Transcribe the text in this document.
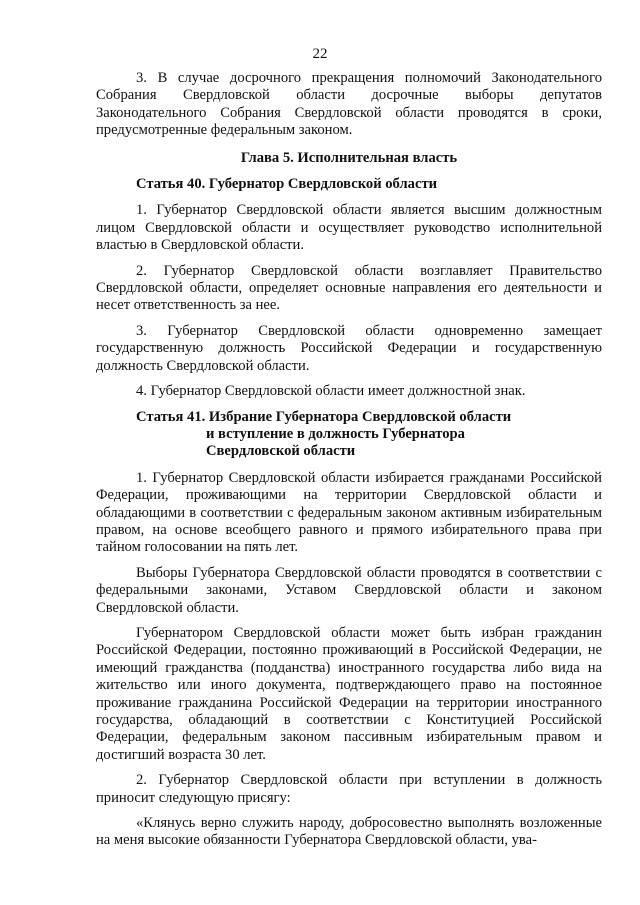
22

3. В случае досрочного прекращения полномочий Законодательного Собрания Свердловской области досрочные выборы депутатов Законодательного Собрания Свердловской области проводятся в сроки, предусмотренные федеральным законом.

Глава 5. Исполнительная власть

Статья 40. Губернатор Свердловской области

1. Губернатор Свердловской области является высшим должностным лицом Свердловской области и осуществляет руководство исполнительной властью в Свердловской области.

2. Губернатор Свердловской области возглавляет Правительство Свердловской области, определяет основные направления его деятельности и несет ответственность за нее.

3. Губернатор Свердловской области одновременно замещает государственную должность Российской Федерации и государственную должность Свердловской области.

4. Губернатор Свердловской области имеет должностной знак.

Статья 41. Избрание Губернатора Свердловской области
и вступление в должность Губернатора
Свердловской области

1. Губернатор Свердловской области избирается гражданами Российской Федерации, проживающими на территории Свердловской области и обладающими в соответствии с федеральным законом активным избирательным правом, на основе всеобщего равного и прямого избирательного права при тайном голосовании на пять лет.

Выборы Губернатора Свердловской области проводятся в соответствии с федеральными законами, Уставом Свердловской области и законом Свердловской области.

Губернатором Свердловской области может быть избран гражданин Российской Федерации, постоянно проживающий в Российской Федерации, не имеющий гражданства (подданства) иностранного государства либо вида на жительство или иного документа, подтверждающего право на постоянное проживание гражданина Российской Федерации на территории иностранного государства, обладающий в соответствии с Конституцией Российской Федерации, федеральным законом пассивным избирательным правом и достигший возраста 30 лет.

2. Губернатор Свердловской области при вступлении в должность приносит следующую присягу:

«Клянусь верно служить народу, добросовестно выполнять возложенные на меня высокие обязанности Губернатора Свердловской области, ува-
